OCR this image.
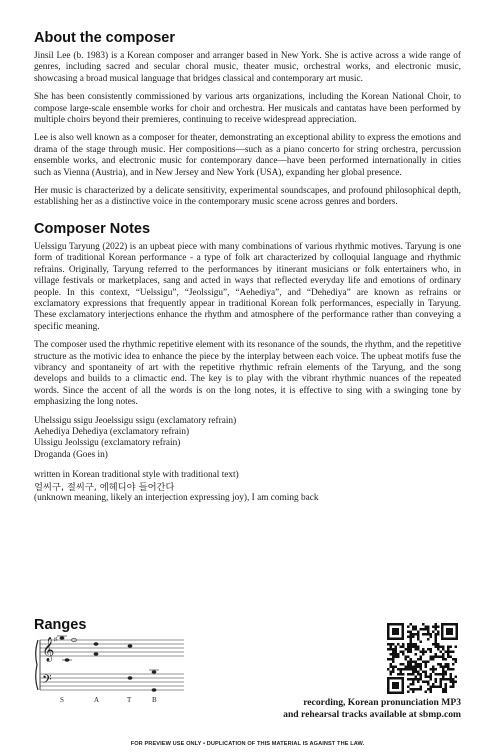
About the composer

Jinsil Lee (b. 1983) is a Korean composer and arranger based in New York. She is active across a wide range of genres, including sacred and secular choral music, theater music, orchestral works, and electronic music, showcasing a broad musical language that bridges classical and contemporary art music.

She has been consistently commissioned by various arts organizations, including the Korean National Choir, to compose large-scale ensemble works for choir and orchestra. Her musicals and cantatas have been performed by multiple choirs beyond their premieres, continuing to receive widespread appreciation.

Lee is also well known as a composer for theater, demonstrating an exceptional ability to express the emotions and drama of the stage through music. Her compositions—such as a piano concerto for string orchestra, percussion ensemble works, and electronic music for contemporary dance—have been performed internationally in cities such as Vienna (Austria), and in New Jersey and New York (USA), expanding her global presence.

Her music is characterized by a delicate sensitivity, experimental soundscapes, and profound philosophical depth, establishing her as a distinctive voice in the contemporary music scene across genres and borders.

Composer Notes

Uelssigu Taryung (2022) is an upbeat piece with many combinations of various rhythmic motives. Taryung is one form of traditional Korean performance - a type of folk art characterized by colloquial language and rhythmic refrains. Originally, Taryung referred to the performances by itinerant musicians or folk entertainers who, in village festivals or marketplaces, sang and acted in ways that reflected everyday life and emotions of ordinary people. In this context, “Uelssigu”, “Jeolssigu”, “Aehediya”, and “Dehediya” are known as refrains or exclamatory expressions that frequently appear in traditional Korean folk performances, especially in Taryung. These exclamatory interjections enhance the rhythm and atmosphere of the performance rather than conveying a specific meaning.

The composer used the rhythmic repetitive element with its resonance of the sounds, the rhythm, and the repetitive structure as the motivic idea to enhance the piece by the interplay between each voice. The upbeat motifs fuse the vibrancy and spontaneity of art with the repetitive rhythmic refrain elements of the Taryung, and the song develops and builds to a climactic end. The key is to play with the vibrant rhythmic nuances of the repeated words. Since the accent of all the words is on the long notes, it is effective to sing with a swinging tone by emphasizing the long notes.

Uhelssigu ssigu Jeoelssigu ssigu (exclamatory refrain)
Aehediya Dehediya (exclamatory refrain)
Ulssigu Jeolssigu (exclamatory refrain)
Droganda (Goes in)
written in Korean traditional style with traditional text)
얼씨구, 절씨구, 에헤디야 들어간다
(unknown meaning, likely an interjection expressing joy), I am coming back
Ranges
𝄞
𝄢
♯
S	A	T	B	recording, Korean pronunciation MP3
and rehearsal tracks available at sbmp.com
FOR PREVIEW USE ONLY • DUPLICATION OF THIS MATERIAL IS AGAINST THE LAW.
